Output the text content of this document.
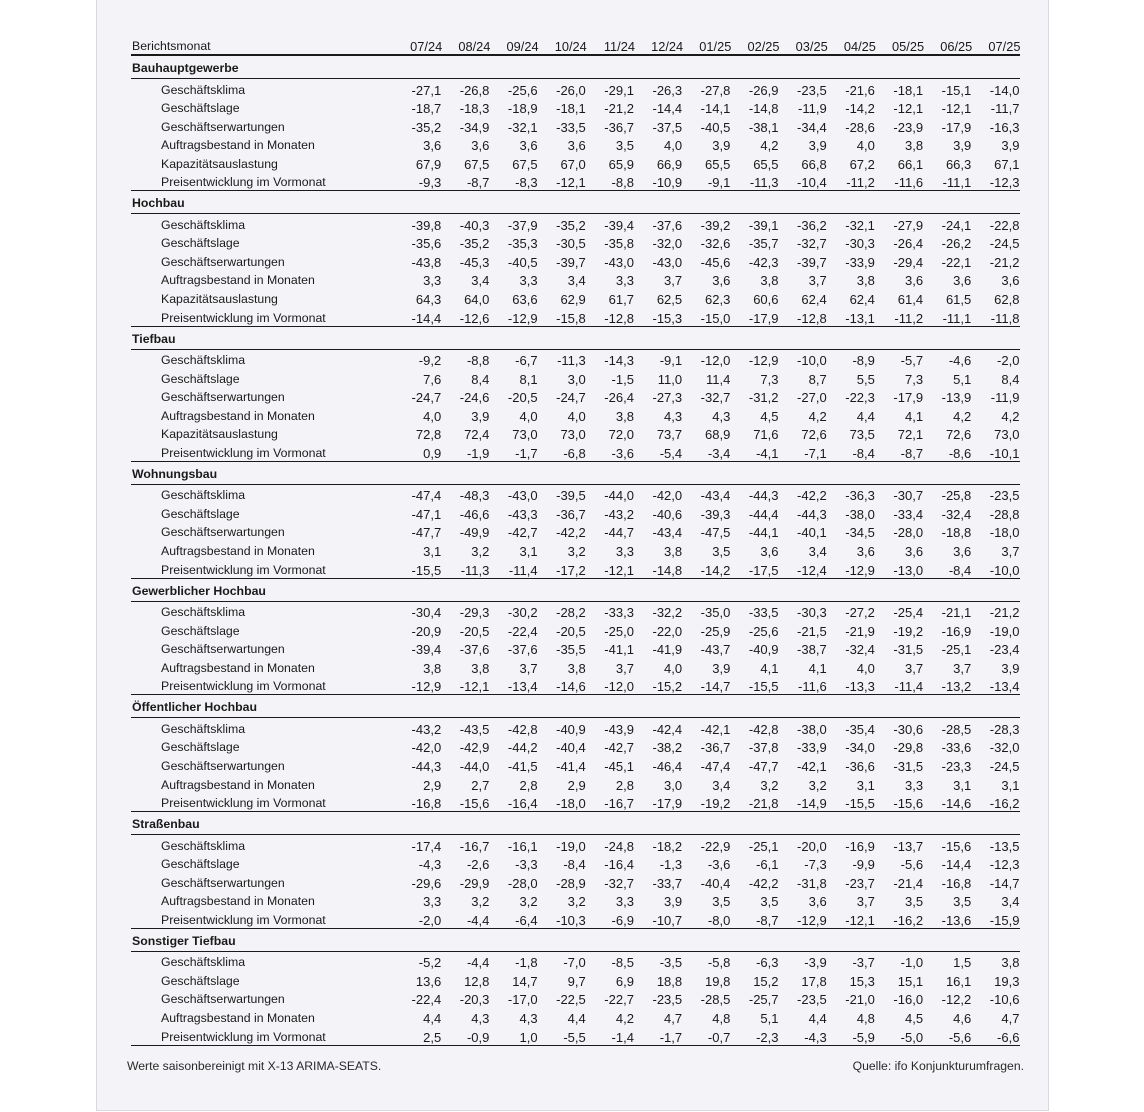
Berichtsmonat	07/24	08/24	09/24	10/24	11/24	12/24	01/25	02/25	03/25	04/25	05/25	06/25	07/25
Bauhauptgewerbe
Geschäftsklima	-27,1	-26,8	-25,6	-26,0	-29,1	-26,3	-27,8	-26,9	-23,5	-21,6	-18,1	-15,1	-14,0
Geschäftslage	-18,7	-18,3	-18,9	-18,1	-21,2	-14,4	-14,1	-14,8	-11,9	-14,2	-12,1	-12,1	-11,7
Geschäftserwartungen	-35,2	-34,9	-32,1	-33,5	-36,7	-37,5	-40,5	-38,1	-34,4	-28,6	-23,9	-17,9	-16,3
Auftragsbestand in Monaten	3,6	3,6	3,6	3,6	3,5	4,0	3,9	4,2	3,9	4,0	3,8	3,9	3,9
Kapazitätsauslastung	67,9	67,5	67,5	67,0	65,9	66,9	65,5	65,5	66,8	67,2	66,1	66,3	67,1
Preisentwicklung im Vormonat	-9,3	-8,7	-8,3	-12,1	-8,8	-10,9	-9,1	-11,3	-10,4	-11,2	-11,6	-11,1	-12,3
Hochbau
Geschäftsklima	-39,8	-40,3	-37,9	-35,2	-39,4	-37,6	-39,2	-39,1	-36,2	-32,1	-27,9	-24,1	-22,8
Geschäftslage	-35,6	-35,2	-35,3	-30,5	-35,8	-32,0	-32,6	-35,7	-32,7	-30,3	-26,4	-26,2	-24,5
Geschäftserwartungen	-43,8	-45,3	-40,5	-39,7	-43,0	-43,0	-45,6	-42,3	-39,7	-33,9	-29,4	-22,1	-21,2
Auftragsbestand in Monaten	3,3	3,4	3,3	3,4	3,3	3,7	3,6	3,8	3,7	3,8	3,6	3,6	3,6
Kapazitätsauslastung	64,3	64,0	63,6	62,9	61,7	62,5	62,3	60,6	62,4	62,4	61,4	61,5	62,8
Preisentwicklung im Vormonat	-14,4	-12,6	-12,9	-15,8	-12,8	-15,3	-15,0	-17,9	-12,8	-13,1	-11,2	-11,1	-11,8
Tiefbau
Geschäftsklima	-9,2	-8,8	-6,7	-11,3	-14,3	-9,1	-12,0	-12,9	-10,0	-8,9	-5,7	-4,6	-2,0
Geschäftslage	7,6	8,4	8,1	3,0	-1,5	11,0	11,4	7,3	8,7	5,5	7,3	5,1	8,4
Geschäftserwartungen	-24,7	-24,6	-20,5	-24,7	-26,4	-27,3	-32,7	-31,2	-27,0	-22,3	-17,9	-13,9	-11,9
Auftragsbestand in Monaten	4,0	3,9	4,0	4,0	3,8	4,3	4,3	4,5	4,2	4,4	4,1	4,2	4,2
Kapazitätsauslastung	72,8	72,4	73,0	73,0	72,0	73,7	68,9	71,6	72,6	73,5	72,1	72,6	73,0
Preisentwicklung im Vormonat	0,9	-1,9	-1,7	-6,8	-3,6	-5,4	-3,4	-4,1	-7,1	-8,4	-8,7	-8,6	-10,1
Wohnungsbau
Geschäftsklima	-47,4	-48,3	-43,0	-39,5	-44,0	-42,0	-43,4	-44,3	-42,2	-36,3	-30,7	-25,8	-23,5
Geschäftslage	-47,1	-46,6	-43,3	-36,7	-43,2	-40,6	-39,3	-44,4	-44,3	-38,0	-33,4	-32,4	-28,8
Geschäftserwartungen	-47,7	-49,9	-42,7	-42,2	-44,7	-43,4	-47,5	-44,1	-40,1	-34,5	-28,0	-18,8	-18,0
Auftragsbestand in Monaten	3,1	3,2	3,1	3,2	3,3	3,8	3,5	3,6	3,4	3,6	3,6	3,6	3,7
Preisentwicklung im Vormonat	-15,5	-11,3	-11,4	-17,2	-12,1	-14,8	-14,2	-17,5	-12,4	-12,9	-13,0	-8,4	-10,0
Gewerblicher Hochbau
Geschäftsklima	-30,4	-29,3	-30,2	-28,2	-33,3	-32,2	-35,0	-33,5	-30,3	-27,2	-25,4	-21,1	-21,2
Geschäftslage	-20,9	-20,5	-22,4	-20,5	-25,0	-22,0	-25,9	-25,6	-21,5	-21,9	-19,2	-16,9	-19,0
Geschäftserwartungen	-39,4	-37,6	-37,6	-35,5	-41,1	-41,9	-43,7	-40,9	-38,7	-32,4	-31,5	-25,1	-23,4
Auftragsbestand in Monaten	3,8	3,8	3,7	3,8	3,7	4,0	3,9	4,1	4,1	4,0	3,7	3,7	3,9
Preisentwicklung im Vormonat	-12,9	-12,1	-13,4	-14,6	-12,0	-15,2	-14,7	-15,5	-11,6	-13,3	-11,4	-13,2	-13,4
Öffentlicher Hochbau
Geschäftsklima	-43,2	-43,5	-42,8	-40,9	-43,9	-42,4	-42,1	-42,8	-38,0	-35,4	-30,6	-28,5	-28,3
Geschäftslage	-42,0	-42,9	-44,2	-40,4	-42,7	-38,2	-36,7	-37,8	-33,9	-34,0	-29,8	-33,6	-32,0
Geschäftserwartungen	-44,3	-44,0	-41,5	-41,4	-45,1	-46,4	-47,4	-47,7	-42,1	-36,6	-31,5	-23,3	-24,5
Auftragsbestand in Monaten	2,9	2,7	2,8	2,9	2,8	3,0	3,4	3,2	3,2	3,1	3,3	3,1	3,1
Preisentwicklung im Vormonat	-16,8	-15,6	-16,4	-18,0	-16,7	-17,9	-19,2	-21,8	-14,9	-15,5	-15,6	-14,6	-16,2
Straßenbau
Geschäftsklima	-17,4	-16,7	-16,1	-19,0	-24,8	-18,2	-22,9	-25,1	-20,0	-16,9	-13,7	-15,6	-13,5
Geschäftslage	-4,3	-2,6	-3,3	-8,4	-16,4	-1,3	-3,6	-6,1	-7,3	-9,9	-5,6	-14,4	-12,3
Geschäftserwartungen	-29,6	-29,9	-28,0	-28,9	-32,7	-33,7	-40,4	-42,2	-31,8	-23,7	-21,4	-16,8	-14,7
Auftragsbestand in Monaten	3,3	3,2	3,2	3,2	3,3	3,9	3,5	3,5	3,6	3,7	3,5	3,5	3,4
Preisentwicklung im Vormonat	-2,0	-4,4	-6,4	-10,3	-6,9	-10,7	-8,0	-8,7	-12,9	-12,1	-16,2	-13,6	-15,9
Sonstiger Tiefbau
Geschäftsklima	-5,2	-4,4	-1,8	-7,0	-8,5	-3,5	-5,8	-6,3	-3,9	-3,7	-1,0	1,5	3,8
Geschäftslage	13,6	12,8	14,7	9,7	6,9	18,8	19,8	15,2	17,8	15,3	15,1	16,1	19,3
Geschäftserwartungen	-22,4	-20,3	-17,0	-22,5	-22,7	-23,5	-28,5	-25,7	-23,5	-21,0	-16,0	-12,2	-10,6
Auftragsbestand in Monaten	4,4	4,3	4,3	4,4	4,2	4,7	4,8	5,1	4,4	4,8	4,5	4,6	4,7
Preisentwicklung im Vormonat	2,5	-0,9	1,0	-5,5	-1,4	-1,7	-0,7	-2,3	-4,3	-5,9	-5,0	-5,6	-6,6
Werte saisonbereinigt mit X-13 ARIMA-SEATS.	Quelle: ifo Konjunkturumfragen.
